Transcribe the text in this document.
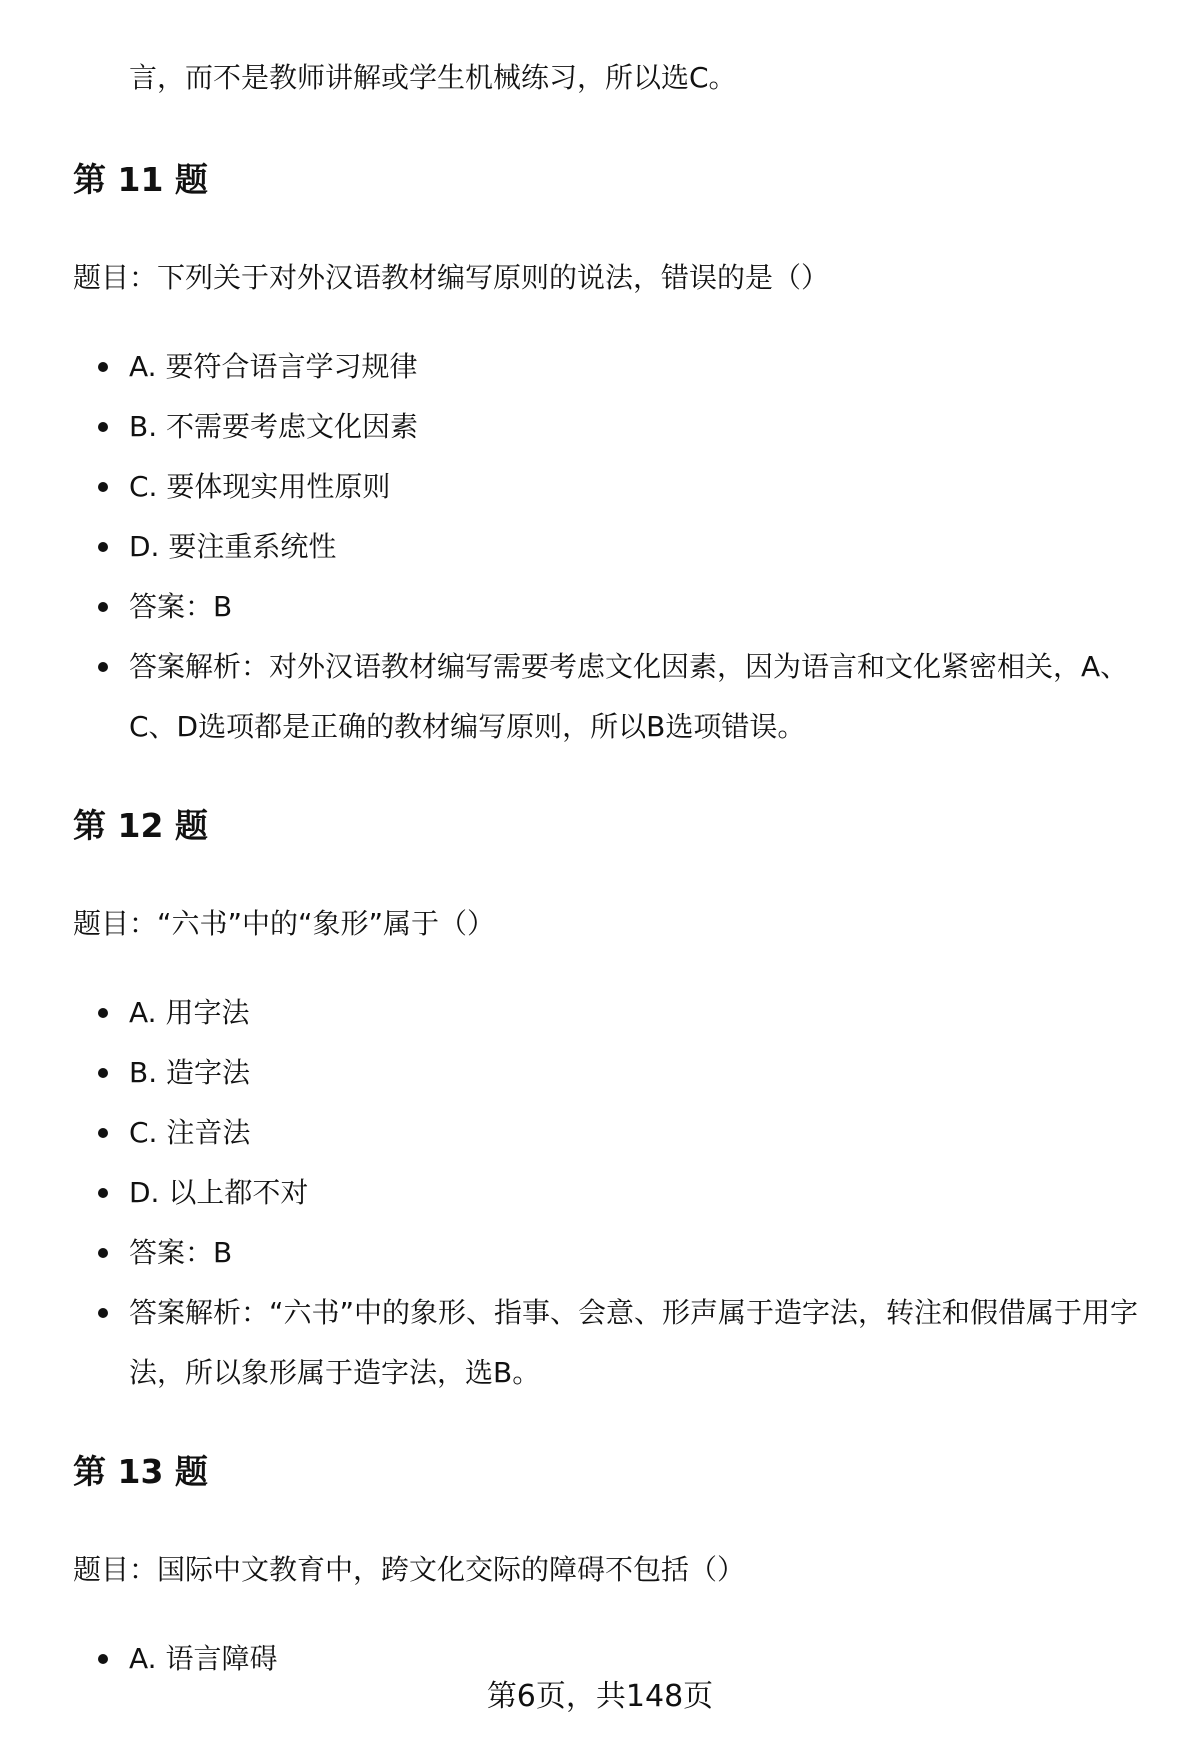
言，而不是教师讲解或学生机械练习，所以选C。
第 11 题
题目：下列关于对外汉语教材编写原则的说法，错误的是（）
A. 要符合语言学习规律
B. 不需要考虑文化因素
C. 要体现实用性原则
D. 要注重系统性
答案：B
答案解析：对外汉语教材编写需要考虑文化因素，因为语言和文化紧密相关，A、C、D选项都是正确的教材编写原则，所以B选项错误。
第 12 题
题目：“六书”中的“象形”属于（）
A. 用字法
B. 造字法
C. 注音法
D. 以上都不对
答案：B
答案解析：“六书”中的象形、指事、会意、形声属于造字法，转注和假借属于用字法，所以象形属于造字法，选B。
第 13 题
题目：国际中文教育中，跨文化交际的障碍不包括（）
A. 语言障碍
第6页，共148页
